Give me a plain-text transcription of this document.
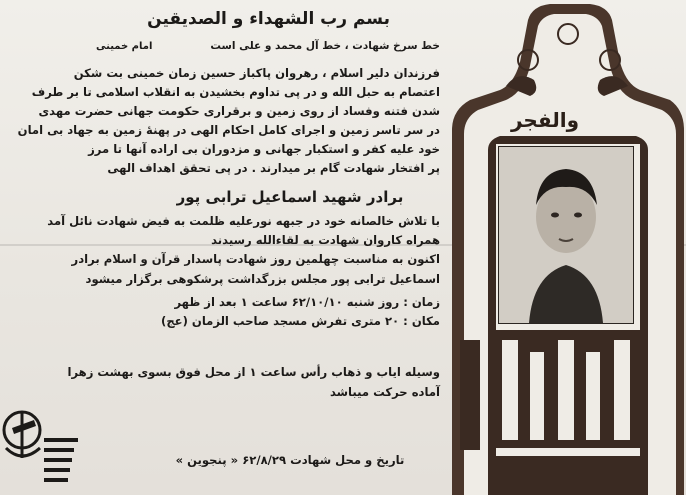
بسم رب الشهداء و الصدیقین
امام خمینی	خط سرخ شهادت ، خط آل محمد و علی است
فرزندان دلیر اسلام ، رهروان پاکباز حسین زمان خمینی بت شکن
اعتصام به حبل الله و در پی تداوم بخشیدن به انقلاب اسلامی تا بر طرف
شدن فتنه وفساد از روی زمین و برقراری حکومت جهانی حضرت مهدی
در سر تاسر زمین و اجرای کامل احکام الهی در پهنهٔ زمین به جهاد بی امان
خود علیه کفر و استکبار جهانی و مزدوران بی اراده آنها تا مرز
پر افتخار شهادت گام بر میدارند . در پی تحقق اهداف الهی
برادر شهید اسماعیل ترابی پور
با تلاش خالصانه خود در جبهه نورعلیه ظلمت به فیض شهادت نائل آمد
همراه کاروان شهادت به لقاءالله رسیدند
اکنون به مناسبت چهلمین روز شهادت پاسدار قرآن و اسلام برادر
اسماعیل ترابی پور مجلس بزرگداشت پرشکوهی برگزار میشود
زمان : روز شنبه ۶۲/۱۰/۱۰ ساعت ۱ بعد از ظهر
مکان : ۲۰ متری تفرش مسجد صاحب الزمان (عج)
وسیله ایاب و ذهاب رأس ساعت ۱ از محل فوق بسوی بهشت زهرا
آماده حرکت میباشد
تاریخ و محل شهادت ۶۲/۸/۲۹ « پنجوین »
والفجر
